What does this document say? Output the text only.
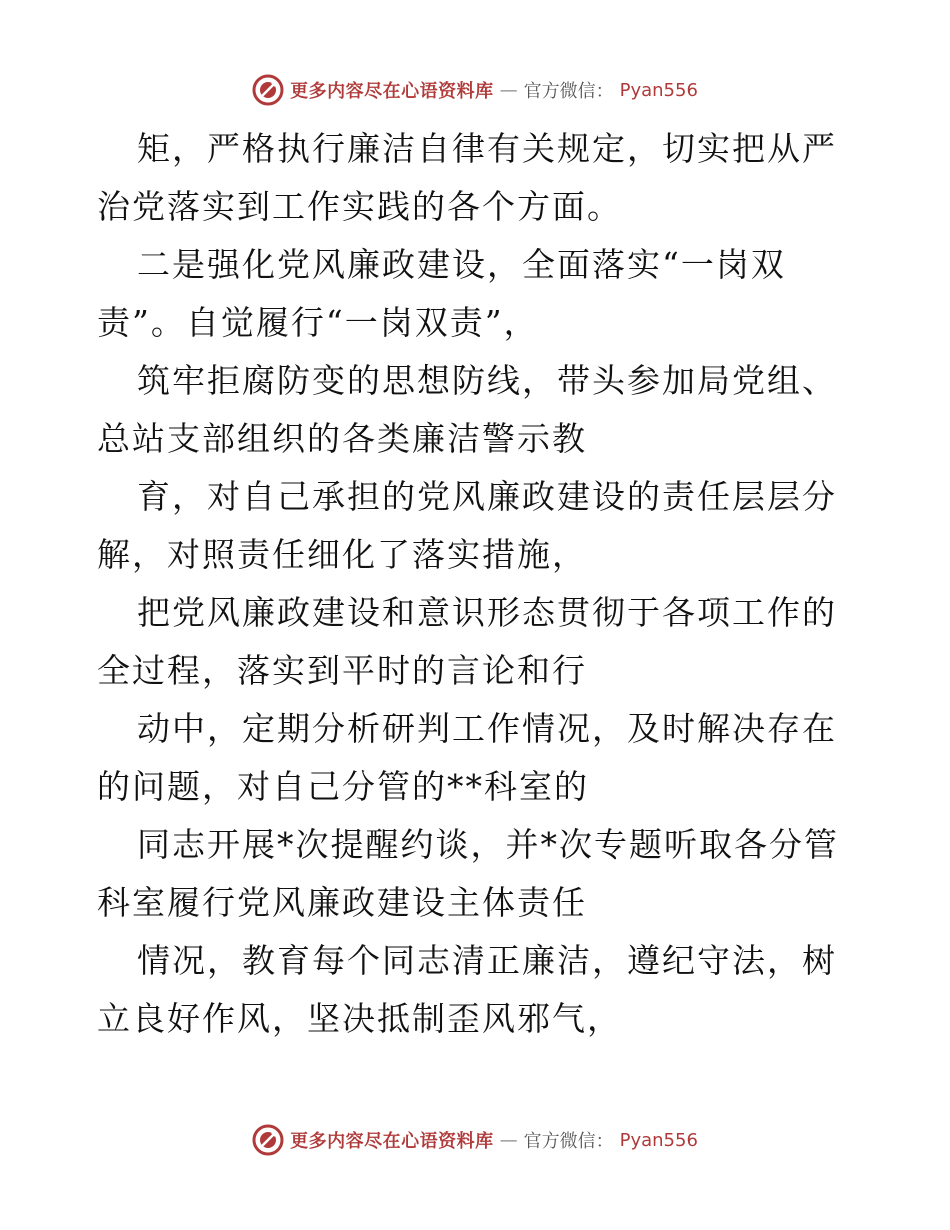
更多内容尽在心语资料库 — 官方微信： Pyan556

矩，严格执行廉洁自律有关规定，切实把从严治党落实到工作实践的各个方面。

二是强化党风廉政建设，全面落实“一岗双责”。自觉履行“一岗双责”，

筑牢拒腐防变的思想防线，带头参加局党组、总站支部组织的各类廉洁警示教

育，对自己承担的党风廉政建设的责任层层分解，对照责任细化了落实措施，

把党风廉政建设和意识形态贯彻于各项工作的全过程，落实到平时的言论和行

动中，定期分析研判工作情况，及时解决存在的问题，对自己分管的**科室的

同志开展*次提醒约谈，并*次专题听取各分管科室履行党风廉政建设主体责任

情况，教育每个同志清正廉洁，遵纪守法，树立良好作风，坚决抵制歪风邪气，

更多内容尽在心语资料库 — 官方微信： Pyan556
